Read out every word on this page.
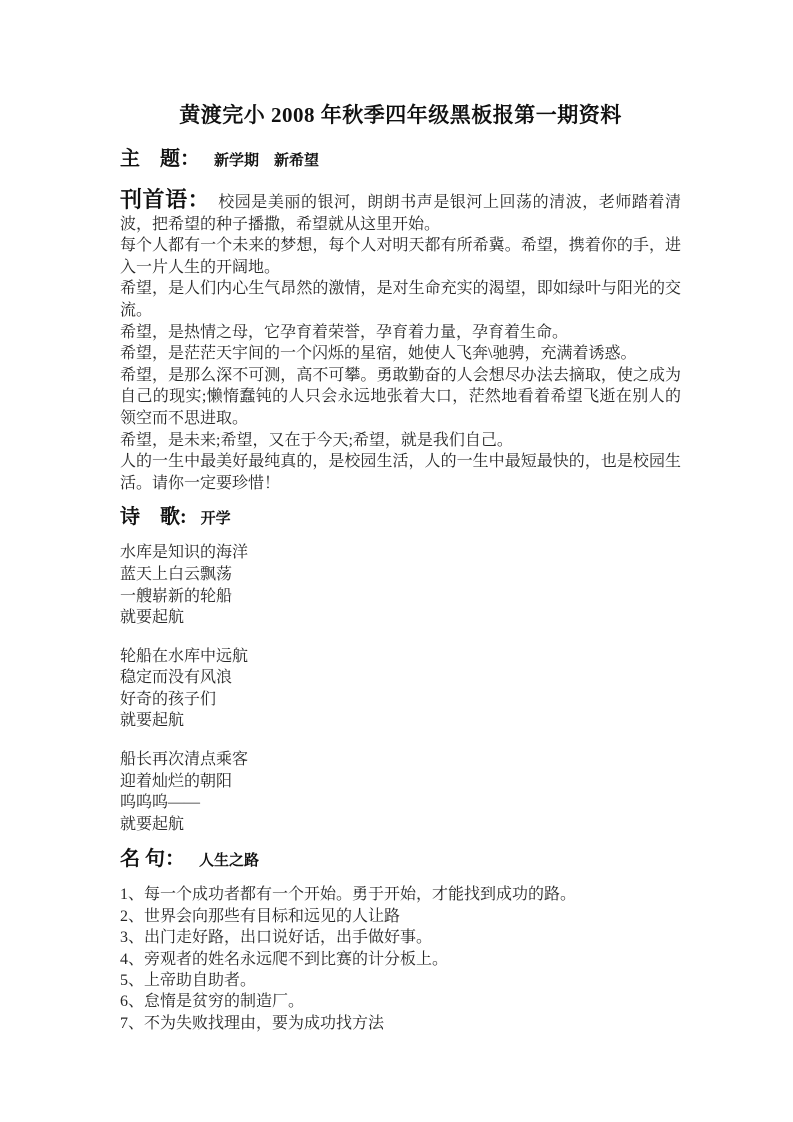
黄渡完小 2008 年秋季四年级黑板报第一期资料
主　题： 新学期　新希望

刊首语： 校园是美丽的银河，朗朗书声是银河上回荡的清波，老师踏着清波，把希望的种子播撒，希望就从这里开始。

每个人都有一个未来的梦想，每个人对明天都有所希冀。希望，携着你的手，进入一片人生的开阔地。

希望，是人们内心生气昂然的激情，是对生命充实的渴望，即如绿叶与阳光的交流。

希望，是热情之母，它孕育着荣誉，孕育着力量，孕育着生命。

希望，是茫茫天宇间的一个闪烁的星宿，她使人飞奔\驰骋，充满着诱惑。

希望，是那么深不可测，高不可攀。勇敢勤奋的人会想尽办法去摘取，使之成为自己的现实;懒惰蠢钝的人只会永远地张着大口，茫然地看着希望飞逝在别人的领空而不思进取。

希望，是未来;希望，又在于今天;希望，就是我们自己。

人的一生中最美好最纯真的，是校园生活，人的一生中最短最快的，也是校园生活。请你一定要珍惜！

诗　歌: 开学

水库是知识的海洋

蓝天上白云飘荡

一艘崭新的轮船

就要起航

轮船在水库中远航

稳定而没有风浪

好奇的孩子们

就要起航

船长再次清点乘客

迎着灿烂的朝阳

呜呜呜——

就要起航

名 句： 人生之路

1、每一个成功者都有一个开始。勇于开始，才能找到成功的路。

2、世界会向那些有目标和远见的人让路

3、出门走好路，出口说好话，出手做好事。

4、旁观者的姓名永远爬不到比赛的计分板上。

5、上帝助自助者。

6、怠惰是贫穷的制造厂。

7、不为失败找理由，要为成功找方法
